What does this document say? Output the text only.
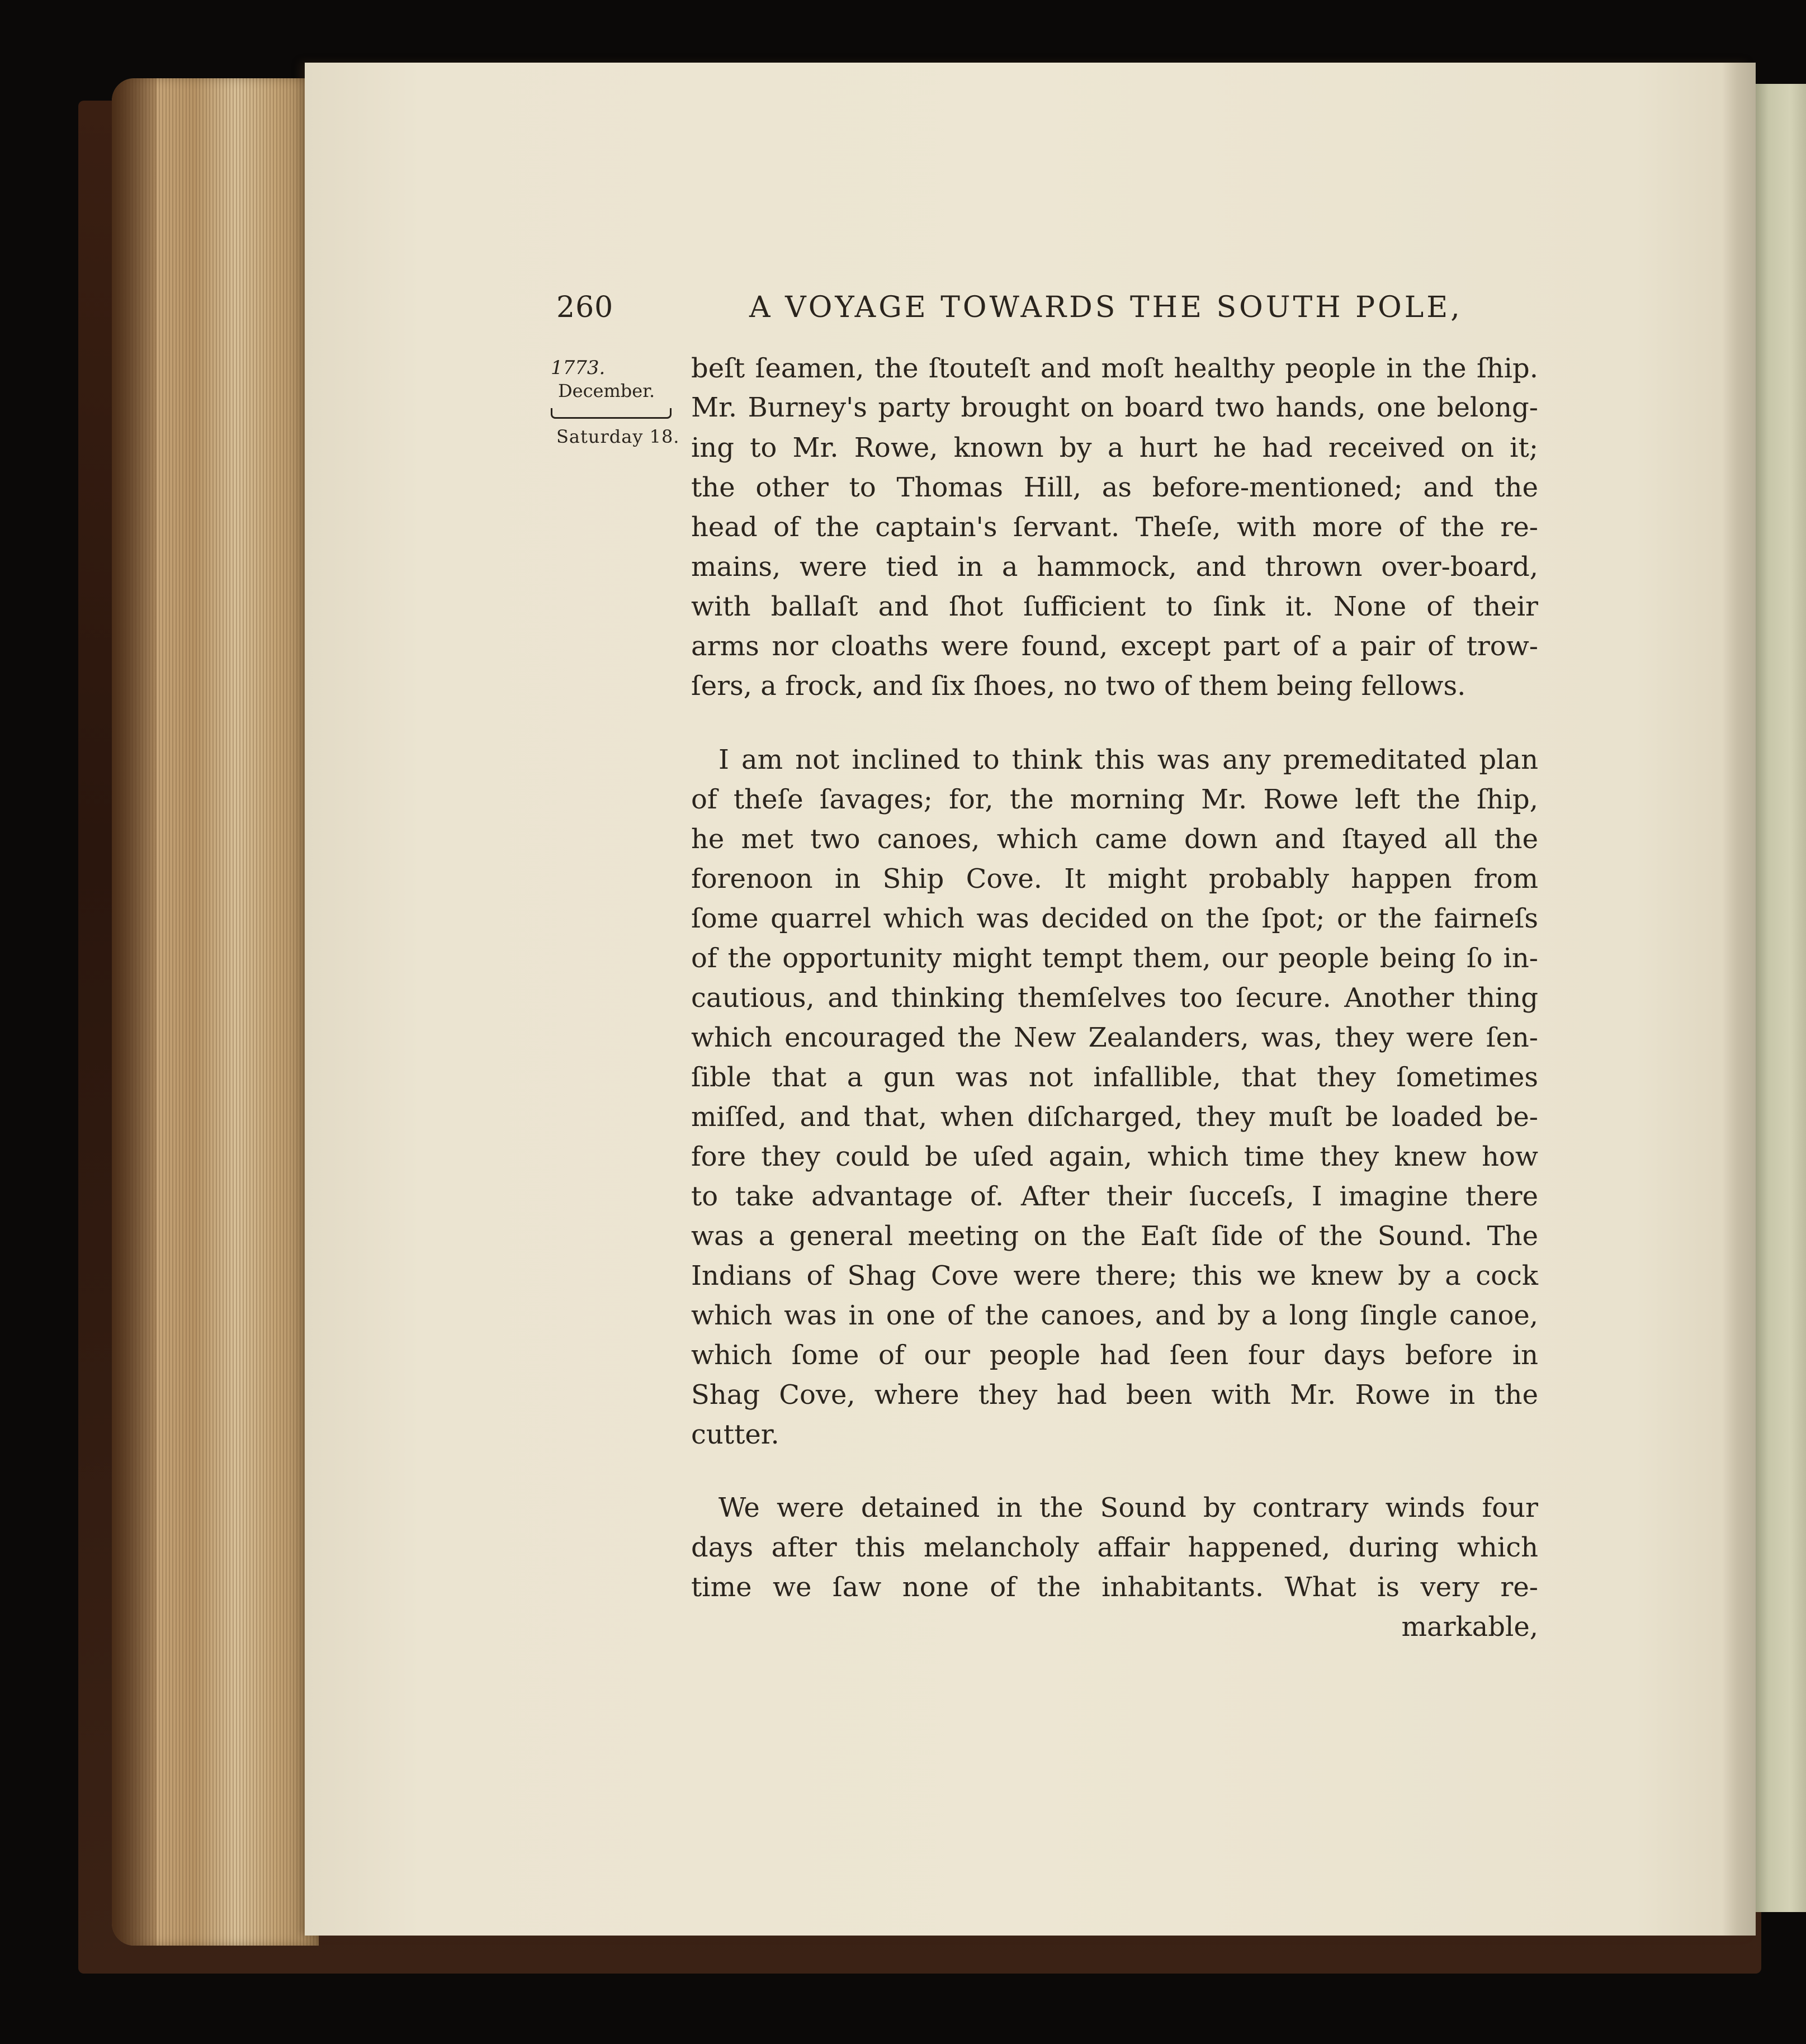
260	A VOYAGE TOWARDS THE SOUTH POLE,
1773.
December.
Saturday 18.
beſt ſeamen, the ſtouteſt and moſt healthy people in the ſhip.
Mr. Burney's party brought on board two hands, one belong-
ing to Mr. Rowe, known by a hurt he had received on it;
the other to Thomas Hill, as before-mentioned; and the
head of the captain's ſervant. Theſe, with more of the re-
mains, were tied in a hammock, and thrown over-board,
with ballaſt and ſhot ſufficient to ſink it. None of their
arms nor cloaths were found, except part of a pair of trow-
ſers, a frock, and ſix ſhoes, no two of them being fellows.
I am not inclined to think this was any premeditated plan
of theſe ſavages; for, the morning Mr. Rowe left the ſhip,
he met two canoes, which came down and ſtayed all the
forenoon in Ship Cove. It might probably happen from
ſome quarrel which was decided on the ſpot; or the fairneſs
of the opportunity might tempt them, our people being ſo in-
cautious, and thinking themſelves too ſecure. Another thing
which encouraged the New Zealanders, was, they were ſen-
ſible that a gun was not infallible, that they ſometimes
miſſed, and that, when diſcharged, they muſt be loaded be-
fore they could be uſed again, which time they knew how
to take advantage of. After their ſucceſs, I imagine there
was a general meeting on the Eaſt ſide of the Sound. The
Indians of Shag Cove were there; this we knew by a cock
which was in one of the canoes, and by a long ſingle canoe,
which ſome of our people had ſeen four days before in
Shag Cove, where they had been with Mr. Rowe in the
cutter.
We were detained in the Sound by contrary winds four
days after this melancholy affair happened, during which
time we ſaw none of the inhabitants. What is very re-
markable,
